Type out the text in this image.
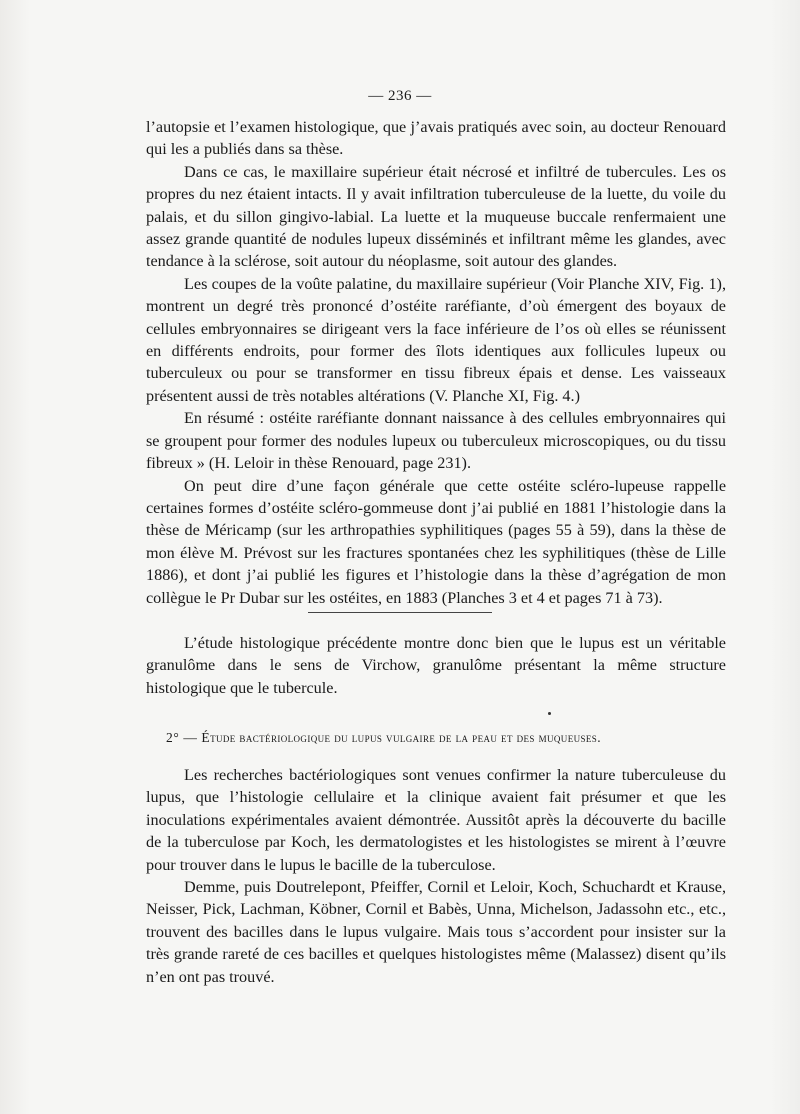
— 236 —

l’autopsie et l’examen histologique, que j’avais pratiqués avec soin, au docteur Renouard qui les a publiés dans sa thèse.

Dans ce cas, le maxillaire supérieur était nécrosé et infiltré de tubercules. Les os propres du nez étaient intacts. Il y avait infiltration tuberculeuse de la luette, du voile du palais, et du sillon gingivo-labial. La luette et la muqueuse buccale renfermaient une assez grande quantité de nodules lupeux disséminés et infiltrant même les glandes, avec tendance à la sclérose, soit autour du néoplasme, soit autour des glandes.

Les coupes de la voûte palatine, du maxillaire supérieur (Voir Planche XIV, Fig. 1), montrent un degré très prononcé d’ostéite raréfiante, d’où émergent des boyaux de cellules embryonnaires se dirigeant vers la face inférieure de l’os où elles se réunissent en différents endroits, pour former des îlots identiques aux follicules lupeux ou tuberculeux ou pour se transformer en tissu fibreux épais et dense. Les vaisseaux présentent aussi de très notables altérations (V. Planche XI, Fig. 4.)

En résumé : ostéite raréfiante donnant naissance à des cellules embryonnaires qui se groupent pour former des nodules lupeux ou tuberculeux microscopiques, ou du tissu fibreux » (H. Leloir in thèse Renouard, page 231).

On peut dire d’une façon générale que cette ostéite scléro-lupeuse rappelle certaines formes d’ostéite scléro-gommeuse dont j’ai publié en 1881 l’histologie dans la thèse de Méricamp (sur les arthropathies syphilitiques (pages 55 à 59), dans la thèse de mon élève M. Prévost sur les fractures spontanées chez les syphilitiques (thèse de Lille 1886), et dont j’ai publié les figures et l’histologie dans la thèse d’agrégation de mon collègue le Pr Dubar sur les ostéites, en 1883 (Planches 3 et 4 et pages 71 à 73).

L’étude histologique précédente montre donc bien que le lupus est un véritable granulôme dans le sens de Virchow, granulôme présentant la même structure histologique que le tubercule.

2° — Étude bactériologique du lupus vulgaire de la peau et des muqueuses.

Les recherches bactériologiques sont venues confirmer la nature tuberculeuse du lupus, que l’histologie cellulaire et la clinique avaient fait présumer et que les inoculations expérimentales avaient démontrée. Aussitôt après la découverte du bacille de la tuberculose par Koch, les dermatologistes et les histologistes se mirent à l’œuvre pour trouver dans le lupus le bacille de la tuberculose.

Demme, puis Doutrelepont, Pfeiffer, Cornil et Leloir, Koch, Schuchardt et Krause, Neisser, Pick, Lachman, Köbner, Cornil et Babès, Unna, Michelson, Jadassohn etc., etc., trouvent des bacilles dans le lupus vulgaire. Mais tous s’accordent pour insister sur la très grande rareté de ces bacilles et quelques histologistes même (Malassez) disent qu’ils n’en ont pas trouvé.
